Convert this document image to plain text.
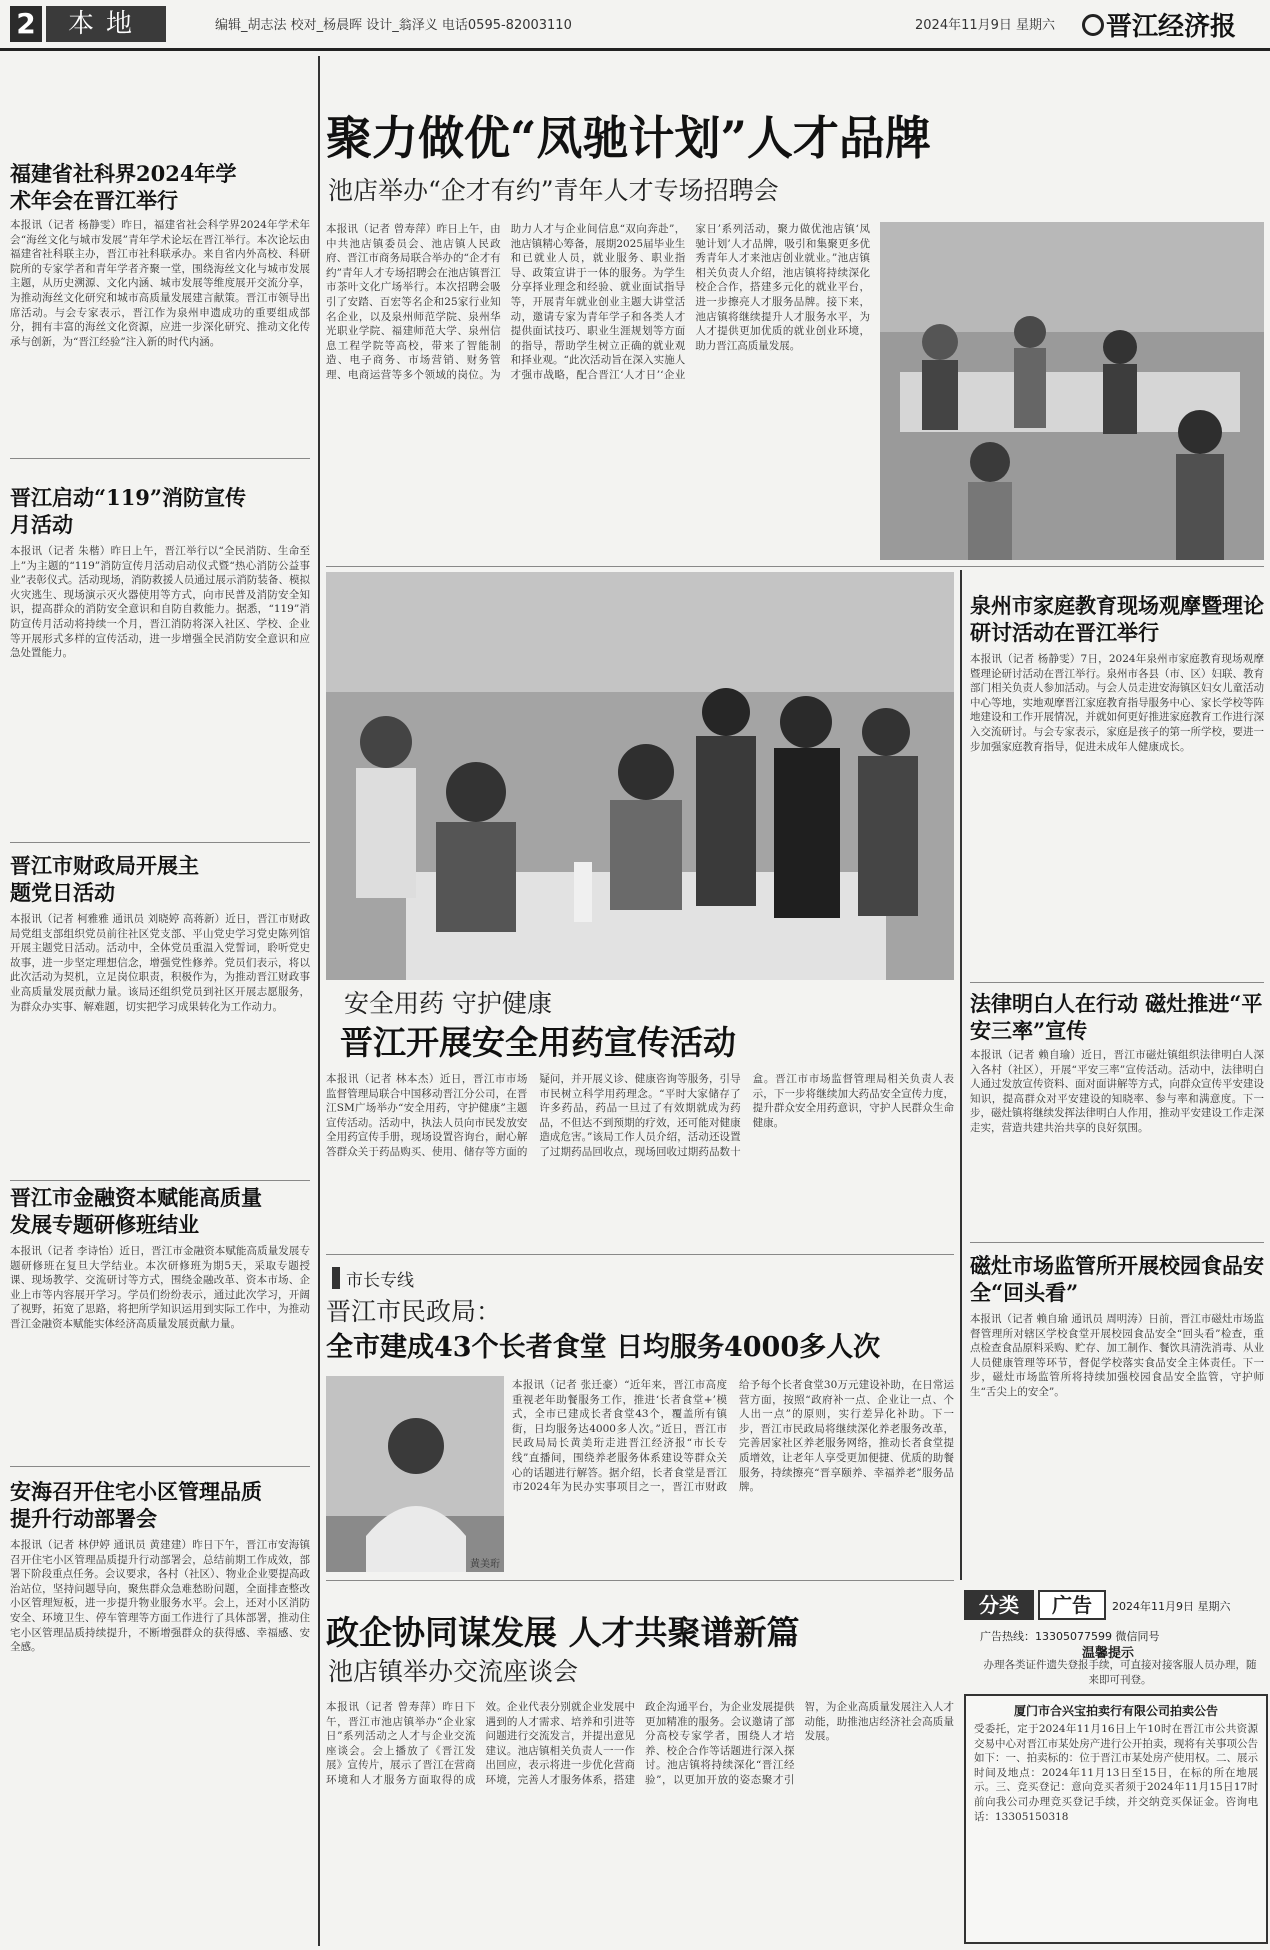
2	本地	编辑_胡志法 校对_杨晨晖 设计_翁泽义 电话0595-82003110	2024年11月9日 星期六 晋江经济报
福建省社科界2024年学术年会在晋江举行
本报讯（记者 杨静雯）昨日，福建省社会科学界2024年学术年会“海丝文化与城市发展”青年学术论坛在晋江举行。本次论坛由福建省社科联主办，晋江市社科联承办。来自省内外高校、科研院所的专家学者和青年学者齐聚一堂，围绕海丝文化与城市发展主题，从历史溯源、文化内涵、城市发展等维度展开交流分享，为推动海丝文化研究和城市高质量发展建言献策。晋江市领导出席活动。与会专家表示，晋江作为泉州申遗成功的重要组成部分，拥有丰富的海丝文化资源，应进一步深化研究、推动文化传承与创新，为“晋江经验”注入新的时代内涵。
晋江启动“119”消防宣传月活动
本报讯（记者 朱楷）昨日上午，晋江举行以“全民消防、生命至上”为主题的“119”消防宣传月活动启动仪式暨“热心消防公益事业”表彰仪式。活动现场，消防救援人员通过展示消防装备、模拟火灾逃生、现场演示灭火器使用等方式，向市民普及消防安全知识，提高群众的消防安全意识和自防自救能力。据悉，“119”消防宣传月活动将持续一个月，晋江消防将深入社区、学校、企业等开展形式多样的宣传活动，进一步增强全民消防安全意识和应急处置能力。
晋江市财政局开展主题党日活动
本报讯（记者 柯雅雅 通讯员 刘晓婷 高蒋新）近日，晋江市财政局党组支部组织党员前往社区党支部、平山党史学习党史陈列馆开展主题党日活动。活动中，全体党员重温入党誓词，聆听党史故事，进一步坚定理想信念，增强党性修养。党员们表示，将以此次活动为契机，立足岗位职责，积极作为，为推动晋江财政事业高质量发展贡献力量。该局还组织党员到社区开展志愿服务，为群众办实事、解难题，切实把学习成果转化为工作动力。
晋江市金融资本赋能高质量发展专题研修班结业
本报讯（记者 李诗怡）近日，晋江市金融资本赋能高质量发展专题研修班在复旦大学结业。本次研修班为期5天，采取专题授课、现场教学、交流研讨等方式，围绕金融改革、资本市场、企业上市等内容展开学习。学员们纷纷表示，通过此次学习，开阔了视野，拓宽了思路，将把所学知识运用到实际工作中，为推动晋江金融资本赋能实体经济高质量发展贡献力量。
安海召开住宅小区管理品质提升行动部署会
本报讯（记者 林伊婷 通讯员 黄建建）昨日下午，晋江市安海镇召开住宅小区管理品质提升行动部署会，总结前期工作成效，部署下阶段重点任务。会议要求，各村（社区）、物业企业要提高政治站位，坚持问题导向，聚焦群众急难愁盼问题，全面排查整改小区管理短板，进一步提升物业服务水平。会上，还对小区消防安全、环境卫生、停车管理等方面工作进行了具体部署，推动住宅小区管理品质持续提升，不断增强群众的获得感、幸福感、安全感。
聚力做优“凤驰计划”人才品牌
池店举办“企才有约”青年人才专场招聘会
本报讯（记者 曾寿萍）昨日上午，由中共池店镇委员会、池店镇人民政府、晋江市商务局联合举办的“企才有约”青年人才专场招聘会在池店镇晋江市茶叶文化广场举行。本次招聘会吸引了安踏、百宏等名企和25家行业知名企业，以及泉州师范学院、泉州华光职业学院、福建师范大学、泉州信息工程学院等高校，带来了智能制造、电子商务、市场营销、财务管理、电商运营等多个领域的岗位。为助力人才与企业间信息“双向奔赴”，池店镇精心筹备，展期2025届毕业生和已就业人员，就业服务、职业指导、政策宣讲于一体的服务。为学生分享择业理念和经验、就业面试指导等，开展青年就业创业主题大讲堂活动，邀请专家为青年学子和各类人才提供面试技巧、职业生涯规划等方面的指导，帮助学生树立正确的就业观和择业观。“此次活动旨在深入实施人才强市战略，配合晋江‘人才日’‘企业家日’系列活动，聚力做优池店镇‘凤驰计划’人才品牌，吸引和集聚更多优秀青年人才来池店创业就业。”池店镇相关负责人介绍，池店镇将持续深化校企合作，搭建多元化的就业平台，进一步擦亮人才服务品牌。接下来，池店镇将继续提升人才服务水平，为人才提供更加优质的就业创业环境，助力晋江高质量发展。
安全用药 守护健康
晋江开展安全用药宣传活动
本报讯（记者 林本杰）近日，晋江市市场监督管理局联合中国移动晋江分公司，在晋江SM广场举办“安全用药，守护健康”主题宣传活动。活动中，执法人员向市民发放安全用药宣传手册，现场设置咨询台，耐心解答群众关于药品购买、使用、储存等方面的疑问，并开展义诊、健康咨询等服务，引导市民树立科学用药理念。“平时大家储存了许多药品，药品一旦过了有效期就成为药品，不但达不到预期的疗效，还可能对健康造成危害。”该局工作人员介绍，活动还设置了过期药品回收点，现场回收过期药品数十盒。晋江市市场监督管理局相关负责人表示，下一步将继续加大药品安全宣传力度，提升群众安全用药意识，守护人民群众生命健康。
泉州市家庭教育现场观摩暨理论研讨活动在晋江举行
本报讯（记者 杨静雯）7日，2024年泉州市家庭教育现场观摩暨理论研讨活动在晋江举行。泉州市各县（市、区）妇联、教育部门相关负责人参加活动。与会人员走进安海镇区妇女儿童活动中心等地，实地观摩晋江家庭教育指导服务中心、家长学校等阵地建设和工作开展情况，并就如何更好推进家庭教育工作进行深入交流研讨。与会专家表示，家庭是孩子的第一所学校，要进一步加强家庭教育指导，促进未成年人健康成长。
法律明白人在行动 磁灶推进“平安三率”宣传
本报讯（记者 赖自瑜）近日，晋江市磁灶镇组织法律明白人深入各村（社区），开展“平安三率”宣传活动。活动中，法律明白人通过发放宣传资料、面对面讲解等方式，向群众宣传平安建设知识，提高群众对平安建设的知晓率、参与率和满意度。下一步，磁灶镇将继续发挥法律明白人作用，推动平安建设工作走深走实，营造共建共治共享的良好氛围。
磁灶市场监管所开展校园食品安全“回头看”
本报讯（记者 赖自瑜 通讯员 周明涛）日前，晋江市磁灶市场监督管理所对辖区学校食堂开展校园食品安全“回头看”检查，重点检查食品原料采购、贮存、加工制作、餐饮具清洗消毒、从业人员健康管理等环节，督促学校落实食品安全主体责任。下一步，磁灶市场监管所将持续加强校园食品安全监管，守护师生“舌尖上的安全”。
市长专线
晋江市民政局：
全市建成43个长者食堂 日均服务4000多人次
黄美珩
本报讯（记者 张迁豪）“近年来，晋江市高度重视老年助餐服务工作，推进‘长者食堂+’模式，全市已建成长者食堂43个，覆盖所有镇街，日均服务达4000多人次。”近日，晋江市民政局局长黄美珩走进晋江经济报“市长专线”直播间，围绕养老服务体系建设等群众关心的话题进行解答。据介绍，长者食堂是晋江市2024年为民办实事项目之一，晋江市财政给予每个长者食堂30万元建设补助，在日常运营方面，按照“政府补一点、企业让一点、个人出一点”的原则，实行差异化补助。下一步，晋江市民政局将继续深化养老服务改革，完善居家社区养老服务网络，推动长者食堂提质增效，让老年人享受更加便捷、优质的助餐服务，持续擦亮“晋享颐养、幸福养老”服务品牌。
政企协同谋发展 人才共聚谱新篇
池店镇举办交流座谈会
本报讯（记者 曾寿萍）昨日下午，晋江市池店镇举办“企业家日”系列活动之人才与企业交流座谈会。会上播放了《晋江发展》宣传片，展示了晋江在营商环境和人才服务方面取得的成效。企业代表分别就企业发展中遇到的人才需求、培养和引进等问题进行交流发言，并提出意见建议。池店镇相关负责人一一作出回应，表示将进一步优化营商环境，完善人才服务体系，搭建政企沟通平台，为企业发展提供更加精准的服务。会议邀请了部分高校专家学者，围绕人才培养、校企合作等话题进行深入探讨。池店镇将持续深化“晋江经验”，以更加开放的姿态聚才引智，为企业高质量发展注入人才动能，助推池店经济社会高质量发展。
分类	广告	2024年11月9日 星期六
广告热线：13305077599 微信同号
温馨提示
办理各类证件遗失登报手续，可直接对接客服人员办理，随来即可刊登。
厦门市合兴宝拍卖行有限公司拍卖公告
受委托，定于2024年11月16日上午10时在晋江市公共资源交易中心对晋江市某处房产进行公开拍卖，现将有关事项公告如下：一、拍卖标的：位于晋江市某处房产使用权。二、展示时间及地点：2024年11月13日至15日，在标的所在地展示。三、竞买登记：意向竞买者须于2024年11月15日17时前向我公司办理竞买登记手续，并交纳竞买保证金。咨询电话：13305150318
